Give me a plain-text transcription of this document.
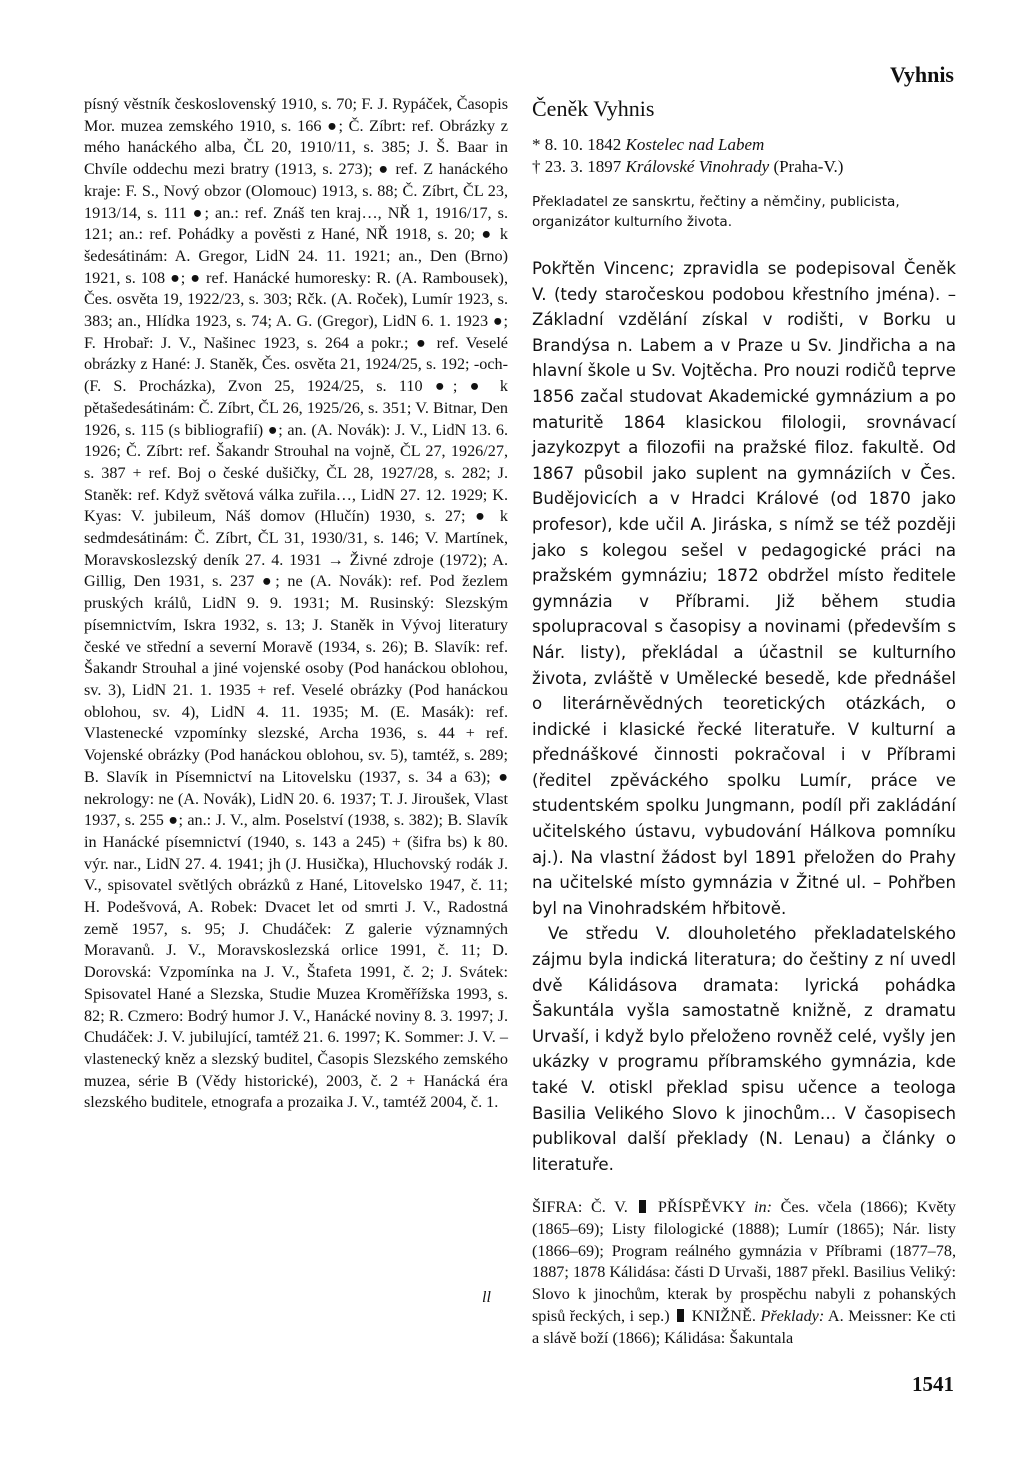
Vyhnis

písný věstník československý 1910, s. 70; F. J. Rypáček, Časopis Mor. muzea zemského 1910, s. 166 ●; Č. Zíbrt: ref. Obrázky z mého hanáckého alba, ČL 20, 1910/11, s. 385; J. Š. Baar in Chvíle oddechu mezi bratry (1913, s. 273); ● ref. Z hanáckého kraje: F. S., Nový obzor (Olomouc) 1913, s. 88; Č. Zíbrt, ČL 23, 1913/14, s. 111 ●; an.: ref. Znáš ten kraj…, NŘ 1, 1916/17, s. 121; an.: ref. Pohádky a pověsti z Hané, NŘ 1918, s. 20; ● k šedesátinám: A. Gregor, LidN 24. 11. 1921; an., Den (Brno) 1921, s. 108 ●; ● ref. Hanácké humoresky: R. (A. Rambousek), Čes. osvěta 19, 1922/23, s. 303; Rčk. (A. Roček), Lumír 1923, s. 383; an., Hlídka 1923, s. 74; A. G. (Gregor), LidN 6. 1. 1923 ●; F. Hrobař: J. V., Našinec 1923, s. 264 a pokr.; ● ref. Veselé obrázky z Hané: J. Staněk, Čes. osvěta 21, 1924/25, s. 192; -och- (F. S. Procházka), Zvon 25, 1924/25, s. 110 ●; ● k pětašedesátinám: Č. Zíbrt, ČL 26, 1925/26, s. 351; V. Bitnar, Den 1926, s. 115 (s bibliografií) ●; an. (A. Novák): J. V., LidN 13. 6. 1926; Č. Zíbrt: ref. Šakandr Strouhal na vojně, ČL 27, 1926/27, s. 387 + ref. Boj o české dušičky, ČL 28, 1927/28, s. 282; J. Staněk: ref. Když světová válka zuřila…, LidN 27. 12. 1929; K. Kyas: V. jubileum, Náš domov (Hlučín) 1930, s. 27; ● k sedmdesátinám: Č. Zíbrt, ČL 31, 1930/31, s. 146; V. Martínek, Moravskoslezský deník 27. 4. 1931 → Živné zdroje (1972); A. Gillig, Den 1931, s. 237 ●; ne (A. Novák): ref. Pod žezlem pruských králů, LidN 9. 9. 1931; M. Rusinský: Slezským písemnictvím, Iskra 1932, s. 13; J. Staněk in Vývoj literatury české ve střední a severní Moravě (1934, s. 26); B. Slavík: ref. Šakandr Strouhal a jiné vojenské osoby (Pod hanáckou oblohou, sv. 3), LidN 21. 1. 1935 + ref. Veselé obrázky (Pod hanáckou oblohou, sv. 4), LidN 4. 11. 1935; M. (E. Masák): ref. Vlastenecké vzpomínky slezské, Archa 1936, s. 44 + ref. Vojenské obrázky (Pod hanáckou oblohou, sv. 5), tamtéž, s. 289; B. Slavík in Písemnictví na Litovelsku (1937, s. 34 a 63); ● nekrology: ne (A. Novák), LidN 20. 6. 1937; T. J. Jiroušek, Vlast 1937, s. 255 ●; an.: J. V., alm. Poselství (1938, s. 382); B. Slavík in Hanácké písemnictví (1940, s. 143 a 245) + (šifra bs) k 80. výr. nar., LidN 27. 4. 1941; jh (J. Husička), Hluchovský rodák J. V., spisovatel světlých obrázků z Hané, Litovelsko 1947, č. 11; H. Podešvová, A. Robek: Dvacet let od smrti J. V., Radostná země 1957, s. 95; J. Chudáček: Z galerie významných Moravanů. J. V., Moravskoslezská orlice 1991, č. 11; D. Dorovská: Vzpomínka na J. V., Štafeta 1991, č. 2; J. Svátek: Spisovatel Hané a Slezska, Studie Muzea Kroměřížska 1993, s. 82; R. Czmero: Bodrý humor J. V., Hanácké noviny 8. 3. 1997; J. Chudáček: J. V. jubilující, tamtéž 21. 6. 1997; K. Sommer: J. V. – vlastenecký kněz a slezský buditel, Časopis Slezského zemského muzea, série B (Vědy historické), 2003, č. 2 + Hanácká éra slezského buditele, etnografa a prozaika J. V., tamtéž 2004, č. 1.

Čeněk Vyhnis
* 8. 10. 1842 Kostelec nad Labem
† 23. 3. 1897 Královské Vinohrady (Praha-V.)
Překladatel ze sanskrtu, řečtiny a němčiny, publicista, organizátor kulturního života.

Pokřtěn Vincenc; zpravidla se podepisoval Čeněk V. (tedy staročeskou podobou křestního jména). – Základní vzdělání získal v rodišti, v Borku u Brandýsa n. Labem a v Praze u Sv. Jindřicha a na hlavní škole u Sv. Vojtěcha. Pro nouzi rodičů teprve 1856 začal studovat Akademické gymnázium a po maturitě 1864 klasickou filologii, srovnávací jazykozpyt a filozofii na pražské filoz. fakultě. Od 1867 působil jako suplent na gymnáziích v Čes. Budějovicích a v Hradci Králové (od 1870 jako profesor), kde učil A. Jiráska, s nímž se též později jako s kolegou sešel v pedagogické práci na pražském gymnáziu; 1872 obdržel místo ředitele gymnázia v Příbrami. Již během studia spolupracoval s časopisy a novinami (především s Nár. listy), překládal a účastnil se kulturního života, zvláště v Umělecké besedě, kde přednášel o literárněvědných teoretických otázkách, o indické i klasické řecké literatuře. V kulturní a přednáškové činnosti pokračoval i v Příbrami (ředitel zpěváckého spolku Lumír, práce ve studentském spolku Jungmann, podíl při zakládání učitelského ústavu, vybudování Hálkova pomníku aj.). Na vlastní žádost byl 1891 přeložen do Prahy na učitelské místo gymnázia v Žitné ul. – Pohřben byl na Vinohradském hřbitově.

Ve středu V. dlouholetého překladatelského zájmu byla indická literatura; do češtiny z ní uvedl dvě Kálidásova dramata: lyrická pohádka Šakuntála vyšla samostatně knižně, z dramatu Urvaší, i když bylo přeloženo rovněž celé, vyšly jen ukázky v programu příbramského gymnázia, kde také V. otiskl překlad spisu učence a teologa Basilia Velikého Slovo k jinochům… V časopisech publikoval další překlady (N. Lenau) a články o literatuře.

ŠIFRA: Č. V. PŘÍSPĚVKY in: Čes. včela (1866); Květy (1865–69); Listy filologické (1888); Lumír (1865); Nár. listy (1866–69); Program reálného gymnázia v Příbrami (1877–78, 1887; 1878 Kálidása: části D Urvaši, 1887 překl. Basilius Veliký: Slovo k jinochům, kterak by prospěchu nabyli z pohanských spisů řeckých, i sep.) KNIŽNĚ. Překlady: A. Meissner: Ke cti a slávě boží (1866); Kálidása: Šakuntala
ll
1541
